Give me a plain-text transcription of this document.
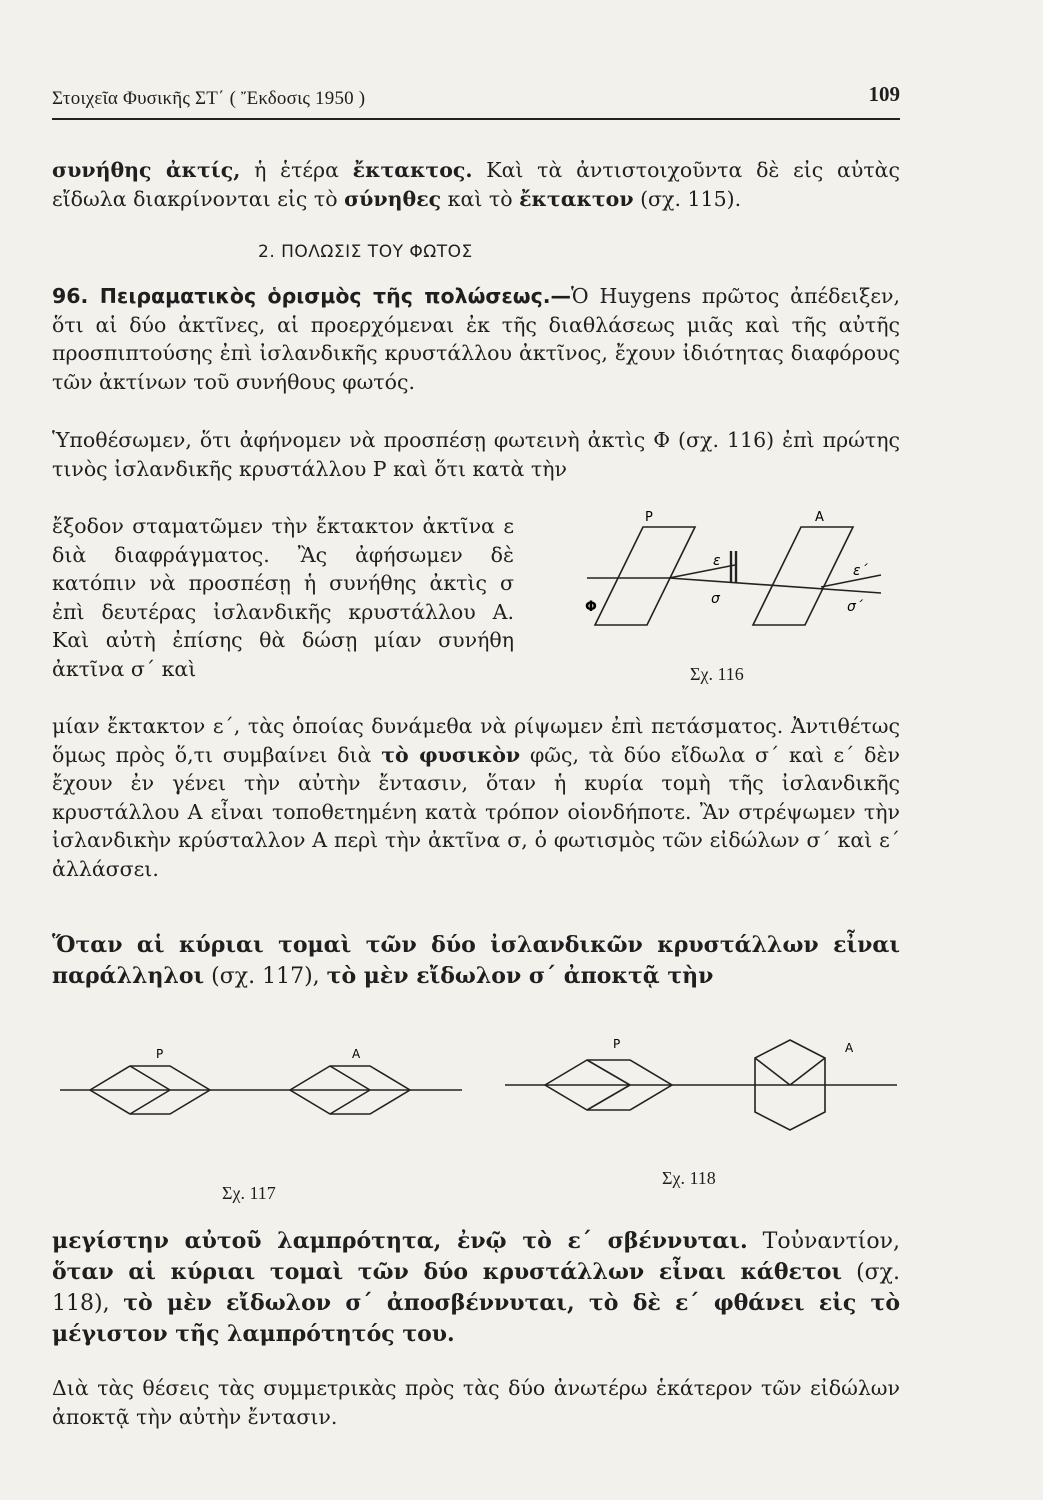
Στοιχεῖα Φυσικῆς ΣΤ΄ ( Ἔκδοσις 1950 )	109
συνήθης ἀκτίς, ἡ ἑτέρα ἔκτακτος. Καὶ τὰ ἀντιστοιχοῦντα δὲ εἰς αὐτὰς εἴδωλα διακρίνονται εἰς τὸ σύνηθες καὶ τὸ ἔκτακτον (σχ. 115).
2. ΠΟΛΩΣΙΣ ΤΟΥ ΦΩΤΟΣ
96. Πειραματικὸς ὁρισμὸς τῆς πολώσεως.—Ὁ Huygens πρῶτος ἀπέδειξεν, ὅτι αἱ δύο ἀκτῖνες, αἱ προερχόμεναι ἐκ τῆς διαθλάσεως μιᾶς καὶ τῆς αὐτῆς προσπιπτούσης ἐπὶ ἰσλανδικῆς κρυστάλλου ἀκτῖνος, ἔχουν ἰδιότητας διαφόρους τῶν ἀκτίνων τοῦ συνήθους φωτός.
Ὑποθέσωμεν, ὅτι ἀφήνομεν νὰ προσπέσῃ φωτεινὴ ἀκτὶς Φ (σχ. 116) ἐπὶ πρώτης τινὸς ἰσλανδικῆς κρυστάλλου Ρ καὶ ὅτι κατὰ τὴν
ἔξοδον σταματῶμεν τὴν ἔκτακτον ἀκτῖνα ε διὰ διαφράγματος. Ἂς ἀφήσωμεν δὲ κατόπιν νὰ προσπέσῃ ἡ συνήθης ἀκτὶς σ ἐπὶ δευτέρας ἰσλανδικῆς κρυστάλλου Α. Καὶ αὐτὴ ἐπίσης θὰ δώσῃ μίαν συνήθη ἀκτῖνα σ΄ καὶ
μίαν ἔκτακτον ε΄, τὰς ὁποίας δυνάμεθα νὰ ρίψωμεν ἐπὶ πετάσματος. Ἀντιθέτως ὅμως πρὸς ὅ,τι συμβαίνει διὰ τὸ φυσικὸν φῶς, τὰ δύο εἴδωλα σ΄ καὶ ε΄ δὲν ἔχουν ἐν γένει τὴν αὐτὴν ἔντασιν, ὅταν ἡ κυρία τομὴ τῆς ἰσλανδικῆς κρυστάλλου Α εἶναι τοποθετημένη κατὰ τρόπον οἱονδήποτε. Ἂν στρέψωμεν τὴν ἰσλανδικὴν κρύσταλλον Α περὶ τὴν ἀκτῖνα σ, ὁ φωτισμὸς τῶν εἰδώλων σ΄ καὶ ε΄ ἀλλάσσει.
Ὅταν αἱ κύριαι τομαὶ τῶν δύο ἰσλανδικῶν κρυστάλλων εἶναι παράλληλοι (σχ. 117), τὸ μὲν εἴδωλον σ΄ ἀποκτᾷ τὴν
Ρ	Α
Φ
ε
σ
ε΄
σ΄
Σχ. 116
Ρ	Α
Σχ. 117
Ρ	Α
Σχ. 118
μεγίστην αὐτοῦ λαμπρότητα, ἐνῷ τὸ ε΄ σβέννυται. Τοὐναντίον, ὅταν αἱ κύριαι τομαὶ τῶν δύο κρυστάλλων εἶναι κάθετοι (σχ. 118), τὸ μὲν εἴδωλον σ΄ ἀποσβέννυται, τὸ δὲ ε΄ φθάνει εἰς τὸ μέγιστον τῆς λαμπρότητός του.
Διὰ τὰς θέσεις τὰς συμμετρικὰς πρὸς τὰς δύο ἀνωτέρω ἑκάτερον τῶν εἰδώλων ἀποκτᾷ τὴν αὐτὴν ἔντασιν.
